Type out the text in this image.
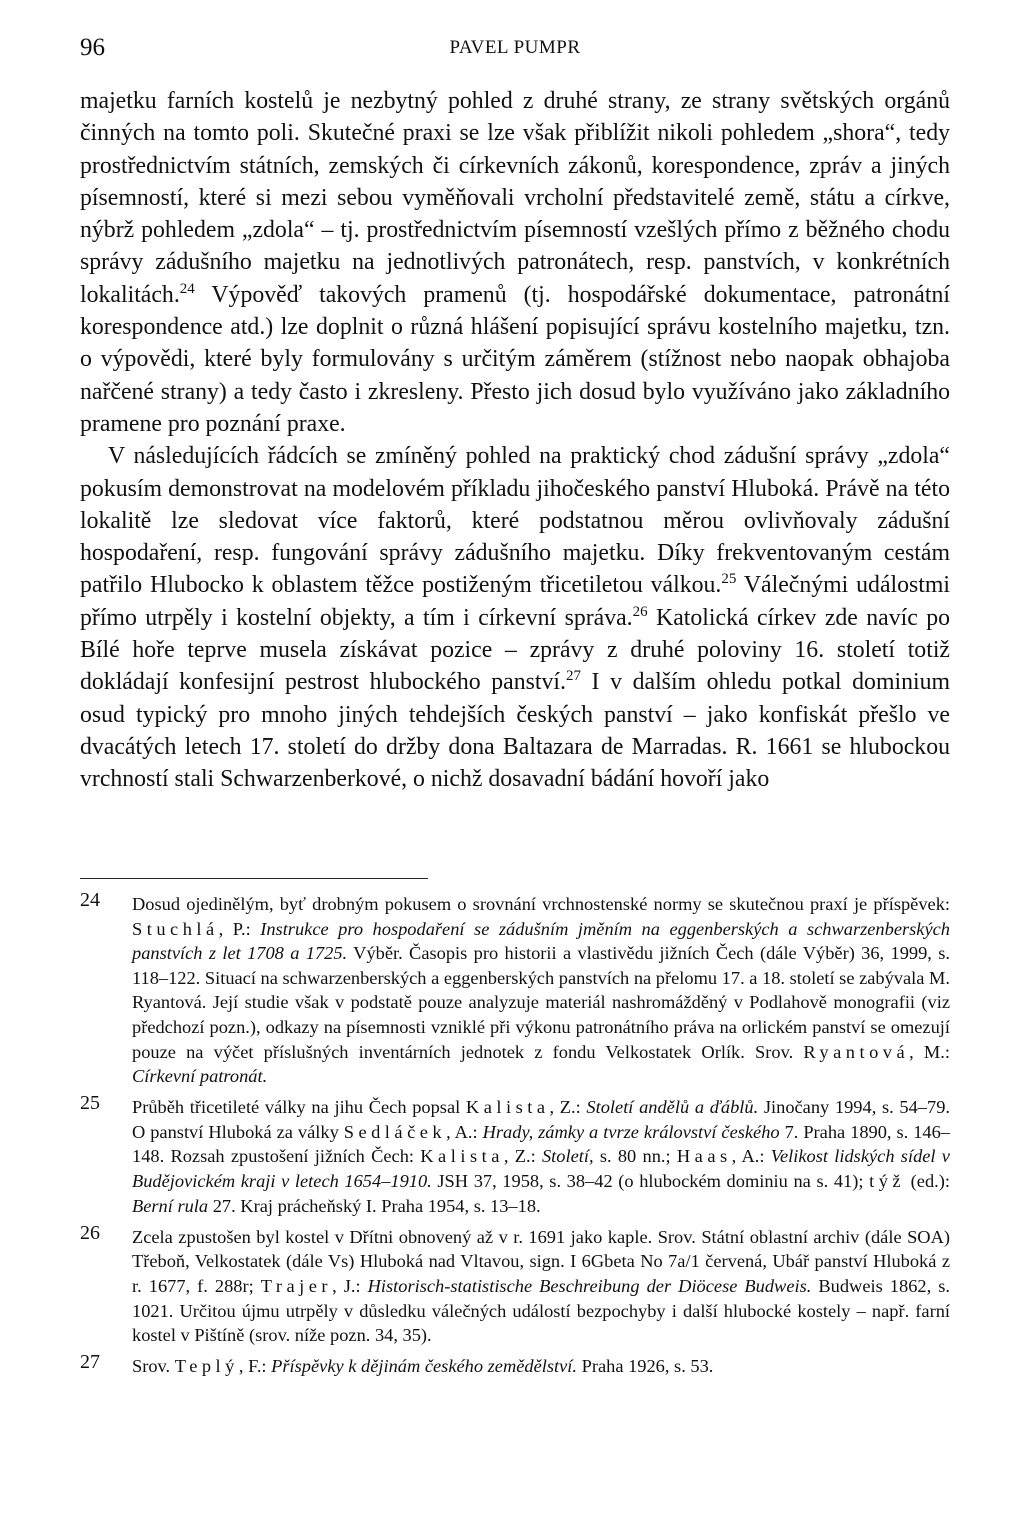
96	PAVEL PUMPR

majetku farních kostelů je nezbytný pohled z druhé strany, ze strany světských orgánů činných na tomto poli. Skutečné praxi se lze však přiblížit nikoli pohledem „shora“, tedy prostřednictvím státních, zemských či církevních zákonů, korespondence, zpráv a jiných písemností, které si mezi sebou vyměňovali vrcholní představitelé země, státu a církve, nýbrž pohledem „zdola“ – tj. prostřednictvím písemností vzešlých přímo z běžného chodu správy zádušního majetku na jednotlivých patronátech, resp. panstvích, v konkrétních lokalitách.$^{24}$ Výpověď takových pramenů (tj. hospodářské dokumentace, patronátní korespondence atd.) lze doplnit o různá hlášení popisující správu kostelního majetku, tzn. o výpovědi, které byly formulovány s určitým záměrem (stížnost nebo naopak obhajoba nařčené strany) a tedy často i zkresleny. Přesto jich dosud bylo využíváno jako základního pramene pro poznání praxe.

V následujících řádcích se zmíněný pohled na praktický chod zádušní správy „zdola“ pokusím demonstrovat na modelovém příkladu jihočeského panství Hluboká. Právě na této lokalitě lze sledovat více faktorů, které podstatnou měrou ovlivňovaly zádušní hospodaření, resp. fungování správy zádušního majetku. Díky frekventovaným cestám patřilo Hlubocko k oblastem těžce postiženým třicetiletou válkou.$^{25}$ Válečnými událostmi přímo utrpěly i kostelní objekty, a tím i církevní správa.$^{26}$ Katolická církev zde navíc po Bílé hoře teprve musela získávat pozice – zprávy z druhé poloviny 16. století totiž dokládají konfesijní pestrost hlubockého panství.$^{27}$ I v dalším ohledu potkal dominium osud typický pro mnoho jiných tehdejších českých panství – jako konfiskát přešlo ve dvacátých letech 17. století do držby dona Baltazara de Marradas. R. 1661 se hlubockou vrchností stali Schwarzenberkové, o nichž dosavadní bádání hovoří jako

24 Dosud ojedinělým, byť drobným pokusem o srovnání vrchnostenské normy se skutečnou praxí je příspěvek: Stuchlá, P.: Instrukce pro hospodaření se zádušním jměním na eggenberských a schwarzenberských panstvích z let 1708 a 1725. Výběr. Časopis pro historii a vlastivědu jižních Čech (dále Výběr) 36, 1999, s. 118–122. Situací na schwarzenberských a eggenberských panstvích na přelomu 17. a 18. století se zabývala M. Ryantová. Její studie však v podstatě pouze analyzuje materiál nashromážděný v Podlahově monografii (viz předchozí pozn.), odkazy na písemnosti vzniklé při výkonu patronátního práva na orlickém panství se omezují pouze na výčet příslušných inventárních jednotek z fondu Velkostatek Orlík. Srov. Ryantová, M.: Církevní patronát.
25 Průběh třicetileté války na jihu Čech popsal Kalista, Z.: Století andělů a ďáblů. Jinočany 1994, s. 54–79. O panství Hluboká za války Sedláček, A.: Hrady, zámky a tvrze království českého 7. Praha 1890, s. 146–148. Rozsah zpustošení jižních Čech: Kalista, Z.: Století, s. 80 nn.; Haas, A.: Velikost lidských sídel v Budějovickém kraji v letech 1654–1910. JSH 37, 1958, s. 38–42 (o hlubockém dominiu na s. 41); týž (ed.): Berní rula 27. Kraj prácheňský I. Praha 1954, s. 13–18.
26 Zcela zpustošen byl kostel v Dřítni obnovený až v r. 1691 jako kaple. Srov. Státní oblastní archiv (dále SOA) Třeboň, Velkostatek (dále Vs) Hluboká nad Vltavou, sign. I 6Gbeta No 7a/1 červená, Ubář panství Hluboká z r. 1677, f. 288r; Trajer, J.: Historisch-statistische Beschreibung der Diöcese Budweis. Budweis 1862, s. 1021. Určitou újmu utrpěly v důsledku válečných událostí bezpochyby i další hlubocké kostely – např. farní kostel v Pištíně (srov. níže pozn. 34, 35).
27 Srov. Teplý, F.: Příspěvky k dějinám českého zemědělství. Praha 1926, s. 53.
